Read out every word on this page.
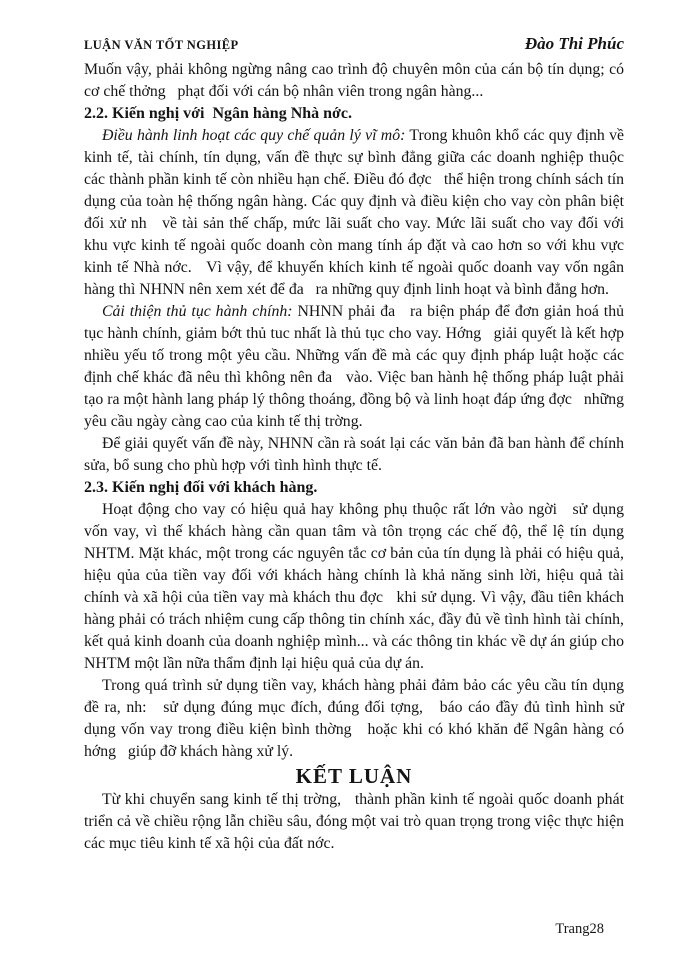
LUẬN VĂN TỐT NGHIỆP	Đào Thi Phúc

Muốn vậy, phải không ngừng nâng cao trình độ chuyên môn của cán bộ tín dụng; có cơ chế thởng   phạt đối với cán bộ nhân viên trong ngân hàng...

2.2. Kiến nghị với  Ngân hàng Nhà nớc.

Điều hành linh hoạt các quy chế quản lý vĩ mô: Trong khuôn khổ các quy định về kinh tế, tài chính, tín dụng, vấn đề thực sự bình đẳng giữa các doanh nghiệp thuộc các thành phần kinh tế còn nhiều hạn chế. Điều đó đợc   thể hiện trong chính sách tín dụng của toàn hệ thống ngân hàng. Các quy định và điều kiện cho vay còn phân biệt đối xử nh   về tài sản thế chấp, mức lãi suất cho vay. Mức lãi suất cho vay đối với khu vực kinh tế ngoài quốc doanh còn mang tính áp đặt và cao hơn so với khu vực kinh tế Nhà nớc.   Vì vậy, để khuyến khích kinh tế ngoài quốc doanh vay vốn ngân hàng thì NHNN nên xem xét để đa   ra những quy định linh hoạt và bình đẳng hơn.

Cải thiện thủ tục hành chính: NHNN phải đa   ra biện pháp để đơn giản hoá thủ tục hành chính, giảm bớt thủ tuc nhất là thủ tục cho vay. Hớng   giải quyết là kết hợp nhiều yếu tố trong một yêu cầu. Những vấn đề mà các quy định pháp luật hoặc các định chế khác đã nêu thì không nên đa   vào. Việc ban hành hệ thống pháp luật phải tạo ra một hành lang pháp lý thông thoáng, đồng bộ và linh hoạt đáp ứng đợc   những yêu cầu ngày càng cao của kinh tế thị trờng.

Để giải quyết vấn đề này, NHNN cần rà soát lại các văn bản đã ban hành để chính sửa, bổ sung cho phù hợp với tình hình thực tế.

2.3. Kiến nghị đối với khách hàng.

Hoạt động cho vay có hiệu quả hay không phụ thuộc rất lớn vào ngời   sử dụng vốn vay, vì thế khách hàng cần quan tâm và tôn trọng các chế độ, thể lệ tín dụng NHTM. Mặt khác, một trong các nguyên tắc cơ bản của tín dụng là phải có hiệu quả, hiệu qủa của tiền vay đối với khách hàng chính là khả năng sinh lời, hiệu quả tài chính và xã hội của tiền vay mà khách thu đợc   khi sử dụng. Vì vậy, đầu tiên khách hàng phải có trách nhiệm cung cấp thông tin chính xác, đầy đủ về tình hình tài chính, kết quả kinh doanh của doanh nghiệp mình... và các thông tin khác về dự án giúp cho NHTM một lần nữa thẩm định lại hiệu quả của dự án.

Trong quá trình sử dụng tiền vay, khách hàng phải đảm bảo các yêu cầu tín dụng đề ra, nh:   sử dụng đúng mục đích, đúng đối tợng,   báo cáo đầy đủ tình hình sử dụng vốn vay trong điều kiện bình thờng   hoặc khi có khó khăn để Ngân hàng có hớng   giúp đỡ khách hàng xử lý.

KẾT LUẬN

Từ khi chuyển sang kinh tế thị trờng,   thành phần kinh tế ngoài quốc doanh phát triển cả về chiều rộng lẫn chiều sâu, đóng một vai trò quan trọng trong việc thực hiện các mục tiêu kinh tế xã hội của đất nớc.

Trang28
